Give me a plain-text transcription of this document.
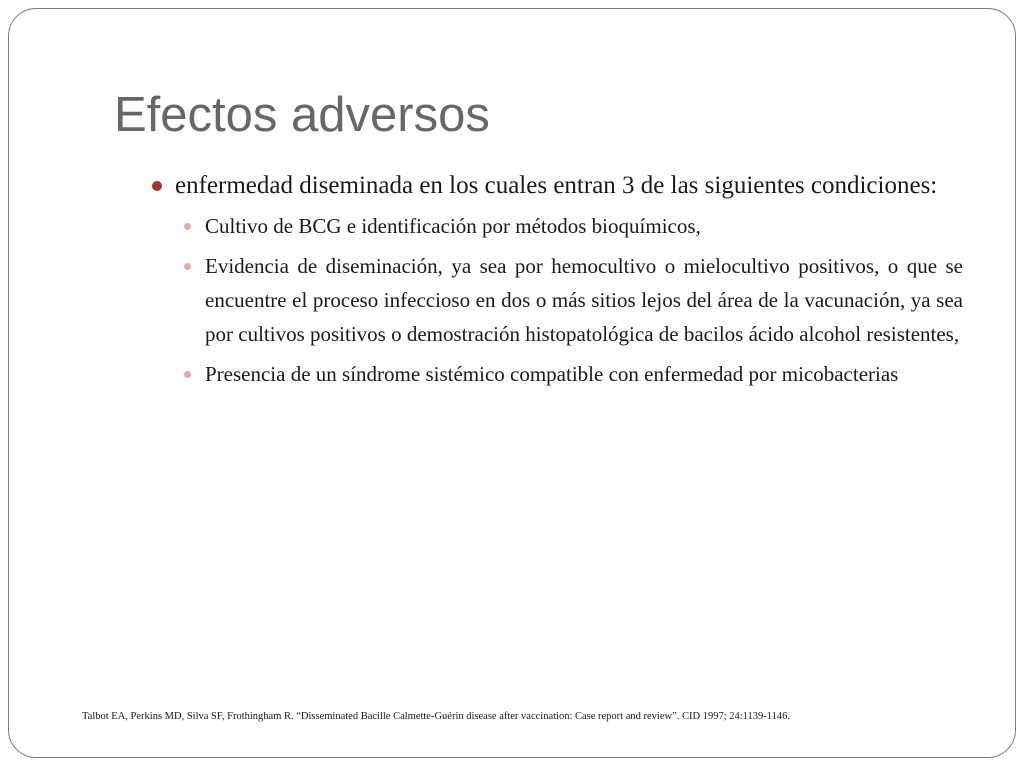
Efectos adversos
enfermedad diseminada en los cuales entran 3 de las siguientes condiciones:
Cultivo de BCG e identificación por métodos bioquímicos,
Evidencia de diseminación, ya sea por hemocultivo o mielocultivo positivos, o que se encuentre el proceso infeccioso en dos o más sitios lejos del área de la vacunación, ya sea por cultivos positivos o demostración histopatológica de bacilos ácido alcohol resistentes,
Presencia de un síndrome sistémico compatible con enfermedad por micobacterias

Talbot EA, Perkins MD, Silva SF, Frothingham R. “Disseminated Bacille Calmette-Guérin disease after vaccination: Case report and review”. CID 1997; 24:1139-1146.
